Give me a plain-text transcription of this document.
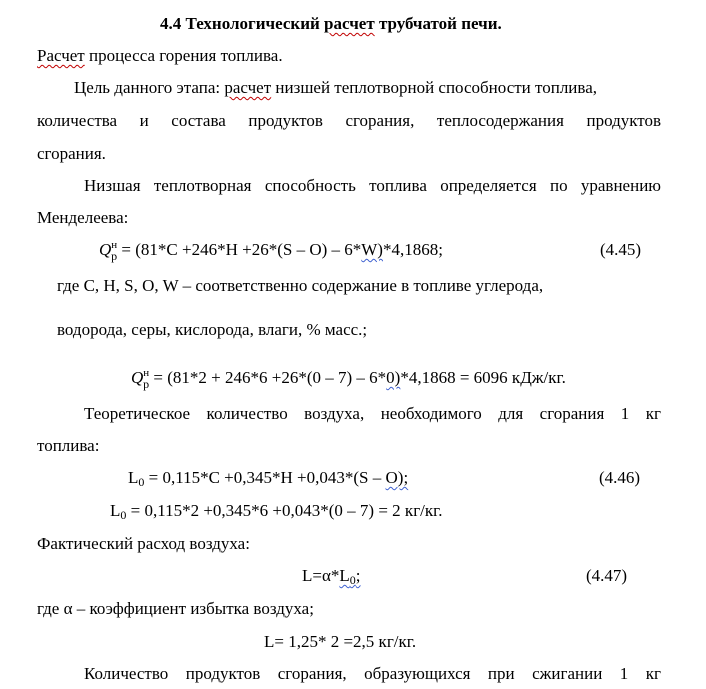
4.4 Технологический расчет трубчатой печи.
Расчет процесса горения топлива.
Цель данного этапа: расчет низшей теплотворной способности топлива,
количества и состава продуктов сгорания, теплосодержания продуктов
сгорания.
Низшая теплотворная способность топлива определяется по уравнению
Менделеева:
$Q^н_р = (81*С +246*Н +26*(S - O) - 6*W)*4,1868$;	(4.45)
где C, H, S, O, W – соответственно содержание в топливе углерода,
водорода, серы, кислорода, влаги, % масс.;
$Q^н_р = (81*2 + 246*6 +26*(0 - 7) - 6*0)*4,1868 = 6096$ кДж/кг.
Теоретическое количество воздуха, необходимого для сгорания 1 кг
топлива:
L0 = 0,115*С +0,345*Н +0,043*(S – O);	(4.46)
L0 = 0,115*2 +0,345*6 +0,043*(0 – 7) = 2 кг/кг.
Фактический расход воздуха:
L=α*L0;	(4.47)
где α – коэффициент избытка воздуха;
L= 1,25* 2 =2,5 кг/кг.
Количество продуктов сгорания, образующихся при сжигании 1 кг
